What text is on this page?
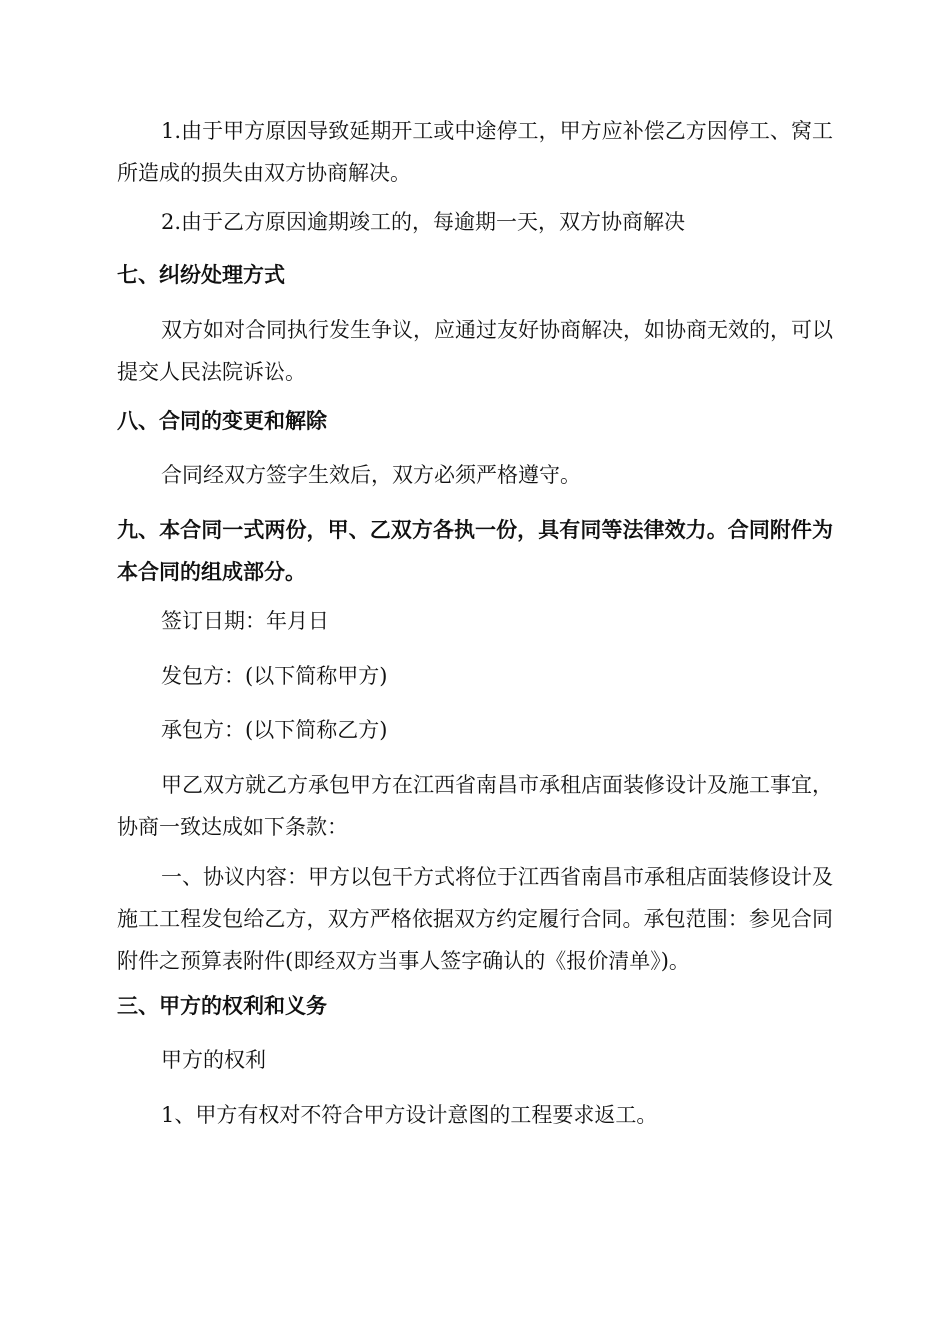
1.由于甲方原因导致延期开工或中途停工，甲方应补偿乙方因停工、窝工所造成的损失由双方协商解决。

2.由于乙方原因逾期竣工的，每逾期一天，双方协商解决

七、纠纷处理方式

双方如对合同执行发生争议，应通过友好协商解决，如协商无效的，可以提交人民法院诉讼。

八、合同的变更和解除

合同经双方签字生效后，双方必须严格遵守。

九、本合同一式两份，甲、乙双方各执一份，具有同等法律效力。合同附件为本合同的组成部分。

签订日期：年月日

发包方：(以下简称甲方)

承包方：(以下简称乙方)

甲乙双方就乙方承包甲方在江西省南昌市承租店面装修设计及施工事宜，协商一致达成如下条款：

一、协议内容：甲方以包干方式将位于江西省南昌市承租店面装修设计及施工工程发包给乙方，双方严格依据双方约定履行合同。承包范围：参见合同附件之预算表附件(即经双方当事人签字确认的《报价清单》)。

三、甲方的权利和义务

甲方的权利

1、甲方有权对不符合甲方设计意图的工程要求返工。
